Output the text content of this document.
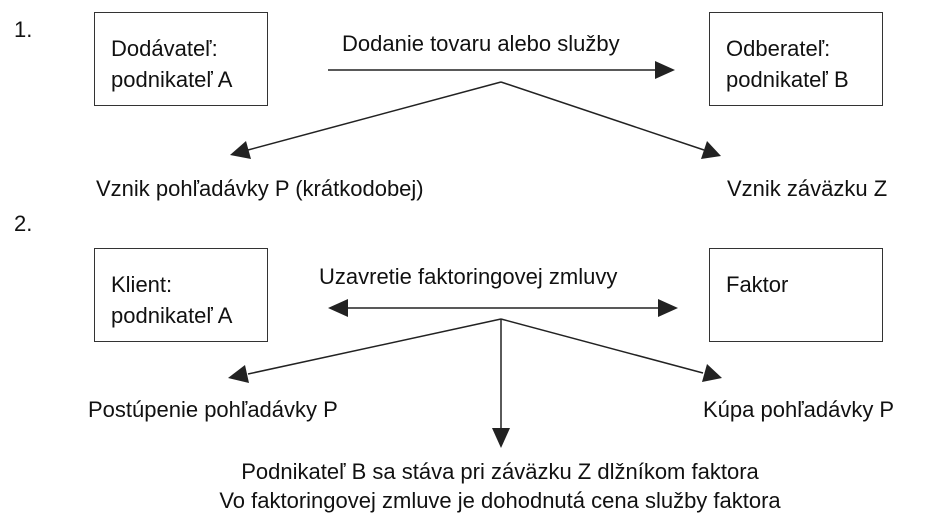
1.
Dodávateľ:
podnikateľ A
Odberateľ:
podnikateľ B
Dodanie tovaru alebo služby
Vznik pohľadávky P (krátkodobej)	Vznik záväzku Z
2.
Klient:
podnikateľ A
Faktor
Uzavretie faktoringovej zmluvy
Postúpenie pohľadávky P	Kúpa pohľadávky P
Podnikateľ B sa stáva pri záväzku Z dlžníkom faktora
Vo faktoringovej zmluve je dohodnutá cena služby faktora
